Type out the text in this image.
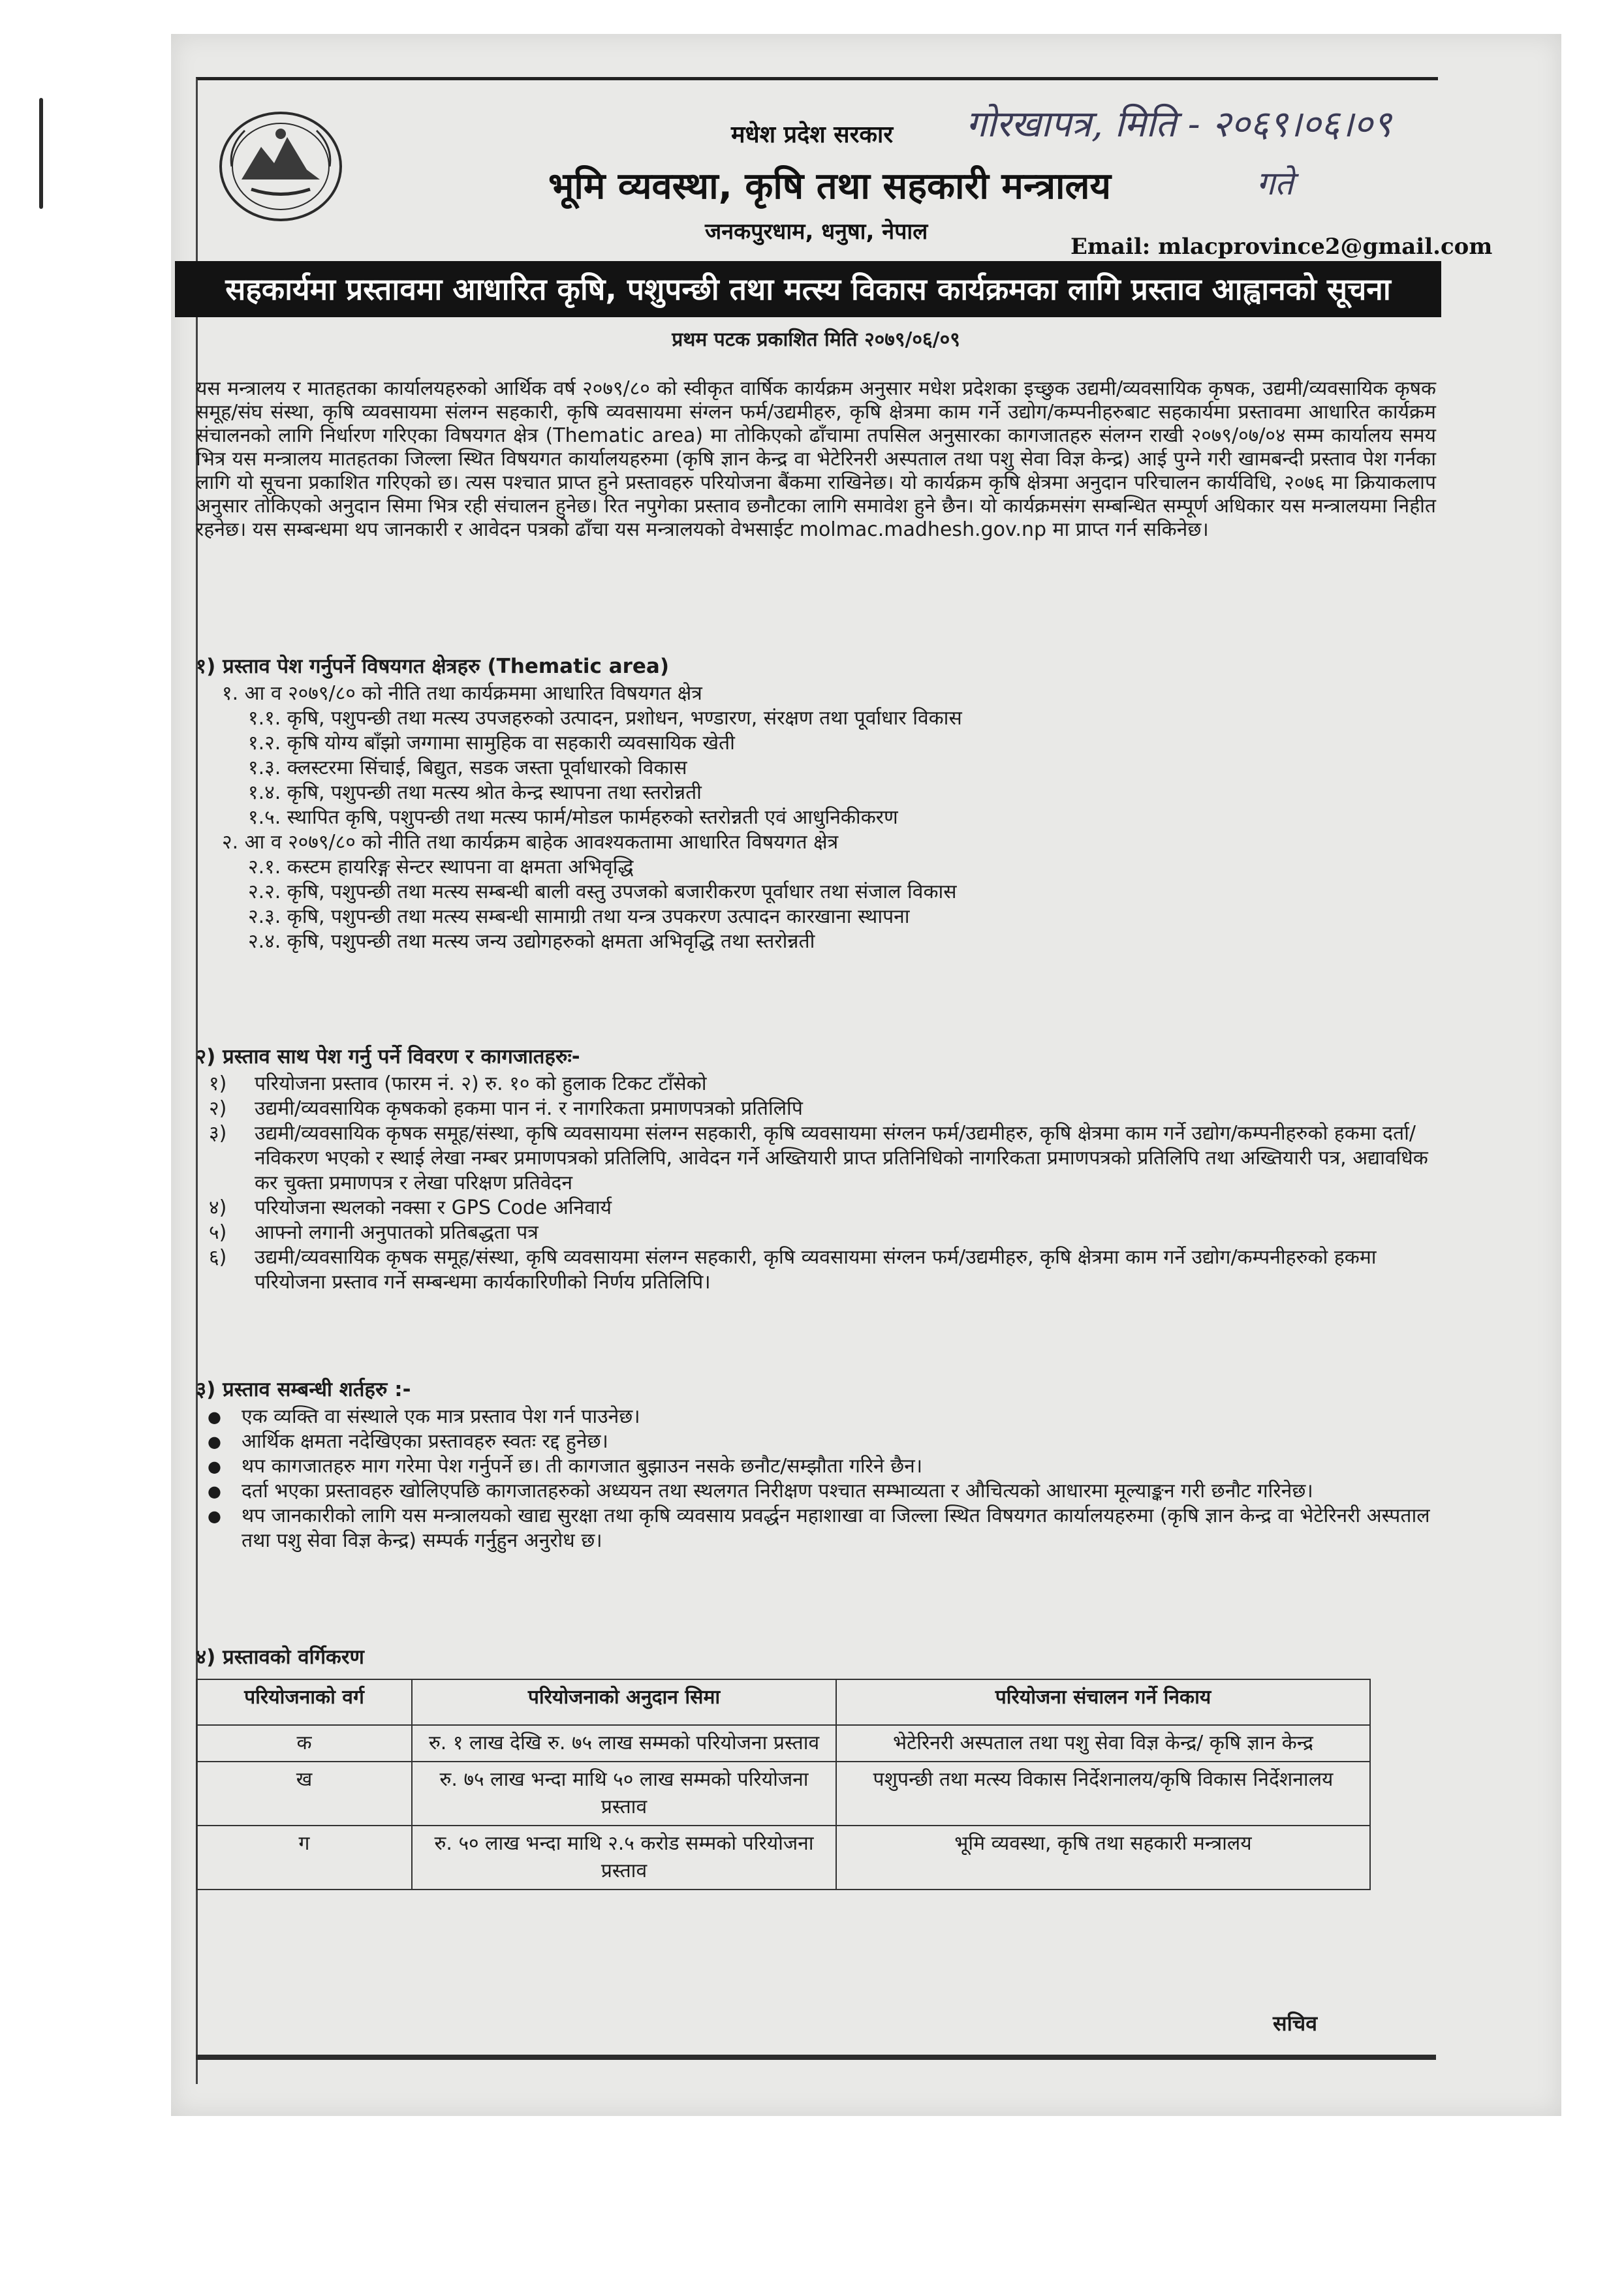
मधेश प्रदेश सरकार
भूमि व्यवस्था, कृषि तथा सहकारी मन्त्रालय
जनकपुरधाम, धनुषा, नेपाल
Email: mlacprovince2@gmail.com
गोरखापत्र, मिति - २०६९।०६।०९
गते
सहकार्यमा प्रस्तावमा आधारित कृषि, पशुपन्छी तथा मत्स्य विकास कार्यक्रमका लागि प्रस्ताव आह्वानको सूचना
प्रथम पटक प्रकाशित मिति २०७९/०६/०९

यस मन्त्रालय र मातहतका कार्यालयहरुको आर्थिक वर्ष २०७९/८० को स्वीकृत वार्षिक कार्यक्रम अनुसार मधेश प्रदेशका इच्छुक उद्यमी/व्यवसायिक कृषक, उद्यमी/व्यवसायिक कृषक समूह/संघ संस्था, कृषि व्यवसायमा संलग्न सहकारी, कृषि व्यवसायमा संग्लन फर्म/उद्यमीहरु, कृषि क्षेत्रमा काम गर्ने उद्योग/कम्पनीहरुबाट सहकार्यमा प्रस्तावमा आधारित कार्यक्रम संचालनको लागि निर्धारण गरिएका विषयगत क्षेत्र (Thematic area) मा तोकिएको ढाँचामा तपसिल अनुसारका कागजातहरु संलग्न राखी २०७९/०७/०४ सम्म कार्यालय समय भित्र यस मन्त्रालय मातहतका जिल्ला स्थित विषयगत कार्यालयहरुमा (कृषि ज्ञान केन्द्र वा भेटेरिनरी अस्पताल तथा पशु सेवा विज्ञ केन्द्र) आई पुग्ने गरी खामबन्दी प्रस्ताव पेश गर्नका लागि यो सूचना प्रकाशित गरिएको छ। त्यस पश्चात प्राप्त हुने प्रस्तावहरु परियोजना बैंकमा राखिनेछ। यो कार्यक्रम कृषि क्षेत्रमा अनुदान परिचालन कार्यविधि, २०७६ मा क्रियाकलाप अनुसार तोकिएको अनुदान सिमा भित्र रही संचालन हुनेछ। रित नपुगेका प्रस्ताव छनौटका लागि समावेश हुने छैन। यो कार्यक्रमसंग सम्बन्धित सम्पूर्ण अधिकार यस मन्त्रालयमा निहीत रहनेछ। यस सम्बन्धमा थप जानकारी र आवेदन पत्रको ढाँचा यस मन्त्रालयको वेभसाईट molmac.madhesh.gov.np मा प्राप्त गर्न सकिनेछ।

१) प्रस्ताव पेश गर्नुपर्ने विषयगत क्षेत्रहरु (Thematic area)

१. आ व २०७९/८० को नीति तथा कार्यक्रममा आधारित विषयगत क्षेत्र

१.१. कृषि, पशुपन्छी तथा मत्स्य उपजहरुको उत्पादन, प्रशोधन, भण्डारण, संरक्षण तथा पूर्वाधार विकास

१.२. कृषि योग्य बाँझो जग्गामा सामुहिक वा सहकारी व्यवसायिक खेती

१.३. क्लस्टरमा सिंचाई, बिद्युत, सडक जस्ता पूर्वाधारको विकास

१.४. कृषि, पशुपन्छी तथा मत्स्य श्रोत केन्द्र स्थापना तथा स्तरोन्नती

१.५. स्थापित कृषि, पशुपन्छी तथा मत्स्य फार्म/मोडल फार्महरुको स्तरोन्नती एवं आधुनिकीकरण

२. आ व २०७९/८० को नीति तथा कार्यक्रम बाहेक आवश्यकतामा आधारित विषयगत क्षेत्र

२.१. कस्टम हायरिङ्ग सेन्टर स्थापना वा क्षमता अभिवृद्धि

२.२. कृषि, पशुपन्छी तथा मत्स्य सम्बन्धी बाली वस्तु उपजको बजारीकरण पूर्वाधार तथा संजाल विकास

२.३. कृषि, पशुपन्छी तथा मत्स्य सम्बन्धी सामाग्री तथा यन्त्र उपकरण उत्पादन कारखाना स्थापना

२.४. कृषि, पशुपन्छी तथा मत्स्य जन्य उद्योगहरुको क्षमता अभिवृद्धि तथा स्तरोन्नती

२) प्रस्ताव साथ पेश गर्नु पर्ने विवरण र कागजातहरुः-
१)	परियोजना प्रस्ताव (फारम नं. २) रु. १० को हुलाक टिकट टाँसेको
२)	उद्यमी/व्यवसायिक कृषकको हकमा पान नं. र नागरिकता प्रमाणपत्रको प्रतिलिपि
३)	उद्यमी/व्यवसायिक कृषक समूह/संस्था, कृषि व्यवसायमा संलग्न सहकारी, कृषि व्यवसायमा संग्लन फर्म/उद्यमीहरु, कृषि क्षेत्रमा काम गर्ने उद्योग/कम्पनीहरुको हकमा दर्ता/नविकरण भएको र स्थाई लेखा नम्बर प्रमाणपत्रको प्रतिलिपि, आवेदन गर्ने अख्तियारी प्राप्त प्रतिनिधिको नागरिकता प्रमाणपत्रको प्रतिलिपि तथा अख्तियारी पत्र, अद्यावधिक कर चुक्ता प्रमाणपत्र र लेखा परिक्षण प्रतिवेदन
४)	परियोजना स्थलको नक्सा र GPS Code अनिवार्य
५)	आफ्नो लगानी अनुपातको प्रतिबद्धता पत्र
६)	उद्यमी/व्यवसायिक कृषक समूह/संस्था, कृषि व्यवसायमा संलग्न सहकारी, कृषि व्यवसायमा संग्लन फर्म/उद्यमीहरु, कृषि क्षेत्रमा काम गर्ने उद्योग/कम्पनीहरुको हकमा परियोजना प्रस्ताव गर्ने सम्बन्धमा कार्यकारिणीको निर्णय प्रतिलिपि।
३) प्रस्ताव सम्बन्धी शर्तहरु :-
● एक व्यक्ति वा संस्थाले एक मात्र प्रस्ताव पेश गर्न पाउनेछ।
● आर्थिक क्षमता नदेखिएका प्रस्तावहरु स्वतः रद्द हुनेछ।
● थप कागजातहरु माग गरेमा पेश गर्नुपर्ने छ। ती कागजात बुझाउन नसके छनौट/सम्झौता गरिने छैन।
● दर्ता भएका प्रस्तावहरु खोलिएपछि कागजातहरुको अध्ययन तथा स्थलगत निरीक्षण पश्चात सम्भाव्यता र औचित्यको आधारमा मूल्याङ्कन गरी छनौट गरिनेछ।
● थप जानकारीको लागि यस मन्त्रालयको खाद्य सुरक्षा तथा कृषि व्यवसाय प्रवर्द्धन महाशाखा वा जिल्ला स्थित विषयगत कार्यालयहरुमा (कृषि ज्ञान केन्द्र वा भेटेरिनरी अस्पताल तथा पशु सेवा विज्ञ केन्द्र) सम्पर्क गर्नुहुन अनुरोध छ।
४) प्रस्तावको वर्गिकरण
परियोजनाको वर्ग	परियोजनाको अनुदान सिमा	परियोजना संचालन गर्ने निकाय
क	रु. १ लाख देखि रु. ७५ लाख सम्मको परियोजना प्रस्ताव	भेटेरिनरी अस्पताल तथा पशु सेवा विज्ञ केन्द्र/ कृषि ज्ञान केन्द्र
ख	रु. ७५ लाख भन्दा माथि ५० लाख सम्मको परियोजना प्रस्ताव	पशुपन्छी तथा मत्स्य विकास निर्देशनालय/कृषि विकास निर्देशनालय
ग	रु. ५० लाख भन्दा माथि २.५ करोड सम्मको परियोजना प्रस्ताव	भूमि व्यवस्था, कृषि तथा सहकारी मन्त्रालय
सचिव
